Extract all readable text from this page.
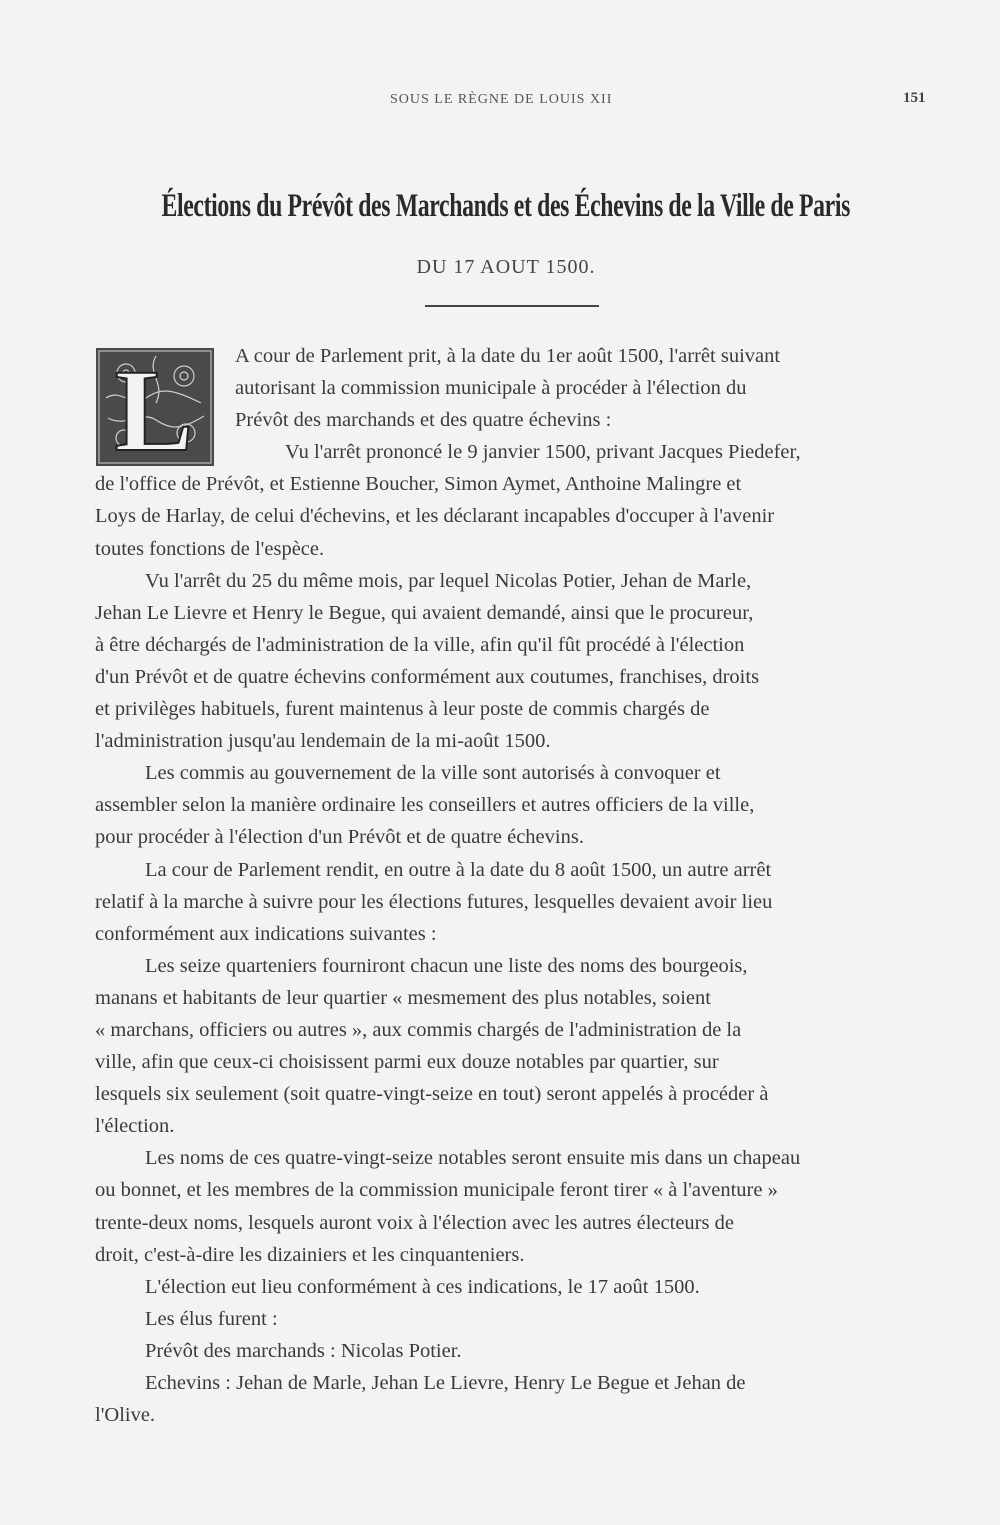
SOUS LE RÈGNE DE LOUIS XII	151
Élections du Prévôt des Marchands et des Échevins de la Ville de Paris
DU 17 AOUT 1500.
L	A cour de Parlement prit, à la date du 1er août 1500, l'arrêt suivant
autorisant la commission municipale à procéder à l'élection du
Prévôt des marchands et des quatre échevins :
Vu l'arrêt prononcé le 9 janvier 1500, privant Jacques Piedefer,
de l'office de Prévôt, et Estienne Boucher, Simon Aymet, Anthoine Malingre et
Loys de Harlay, de celui d'échevins, et les déclarant incapables d'occuper à l'avenir
toutes fonctions de l'espèce.
Vu l'arrêt du 25 du même mois, par lequel Nicolas Potier, Jehan de Marle,
Jehan Le Lievre et Henry le Begue, qui avaient demandé, ainsi que le procureur,
à être déchargés de l'administration de la ville, afin qu'il fût procédé à l'élection
d'un Prévôt et de quatre échevins conformément aux coutumes, franchises, droits
et privilèges habituels, furent maintenus à leur poste de commis chargés de
l'administration jusqu'au lendemain de la mi-août 1500.
Les commis au gouvernement de la ville sont autorisés à convoquer et
assembler selon la manière ordinaire les conseillers et autres officiers de la ville,
pour procéder à l'élection d'un Prévôt et de quatre échevins.
La cour de Parlement rendit, en outre à la date du 8 août 1500, un autre arrêt
relatif à la marche à suivre pour les élections futures, lesquelles devaient avoir lieu
conformément aux indications suivantes :
Les seize quarteniers fourniront chacun une liste des noms des bourgeois,
manans et habitants de leur quartier « mesmement des plus notables, soient
« marchans, officiers ou autres », aux commis chargés de l'administration de la
ville, afin que ceux-ci choisissent parmi eux douze notables par quartier, sur
lesquels six seulement (soit quatre-vingt-seize en tout) seront appelés à procéder à
l'élection.
Les noms de ces quatre-vingt-seize notables seront ensuite mis dans un chapeau
ou bonnet, et les membres de la commission municipale feront tirer « à l'aventure »
trente-deux noms, lesquels auront voix à l'élection avec les autres électeurs de
droit, c'est-à-dire les dizainiers et les cinquanteniers.
L'élection eut lieu conformément à ces indications, le 17 août 1500.
Les élus furent :
Prévôt des marchands : Nicolas Potier.
Echevins : Jehan de Marle, Jehan Le Lievre, Henry Le Begue et Jehan de
l'Olive.
